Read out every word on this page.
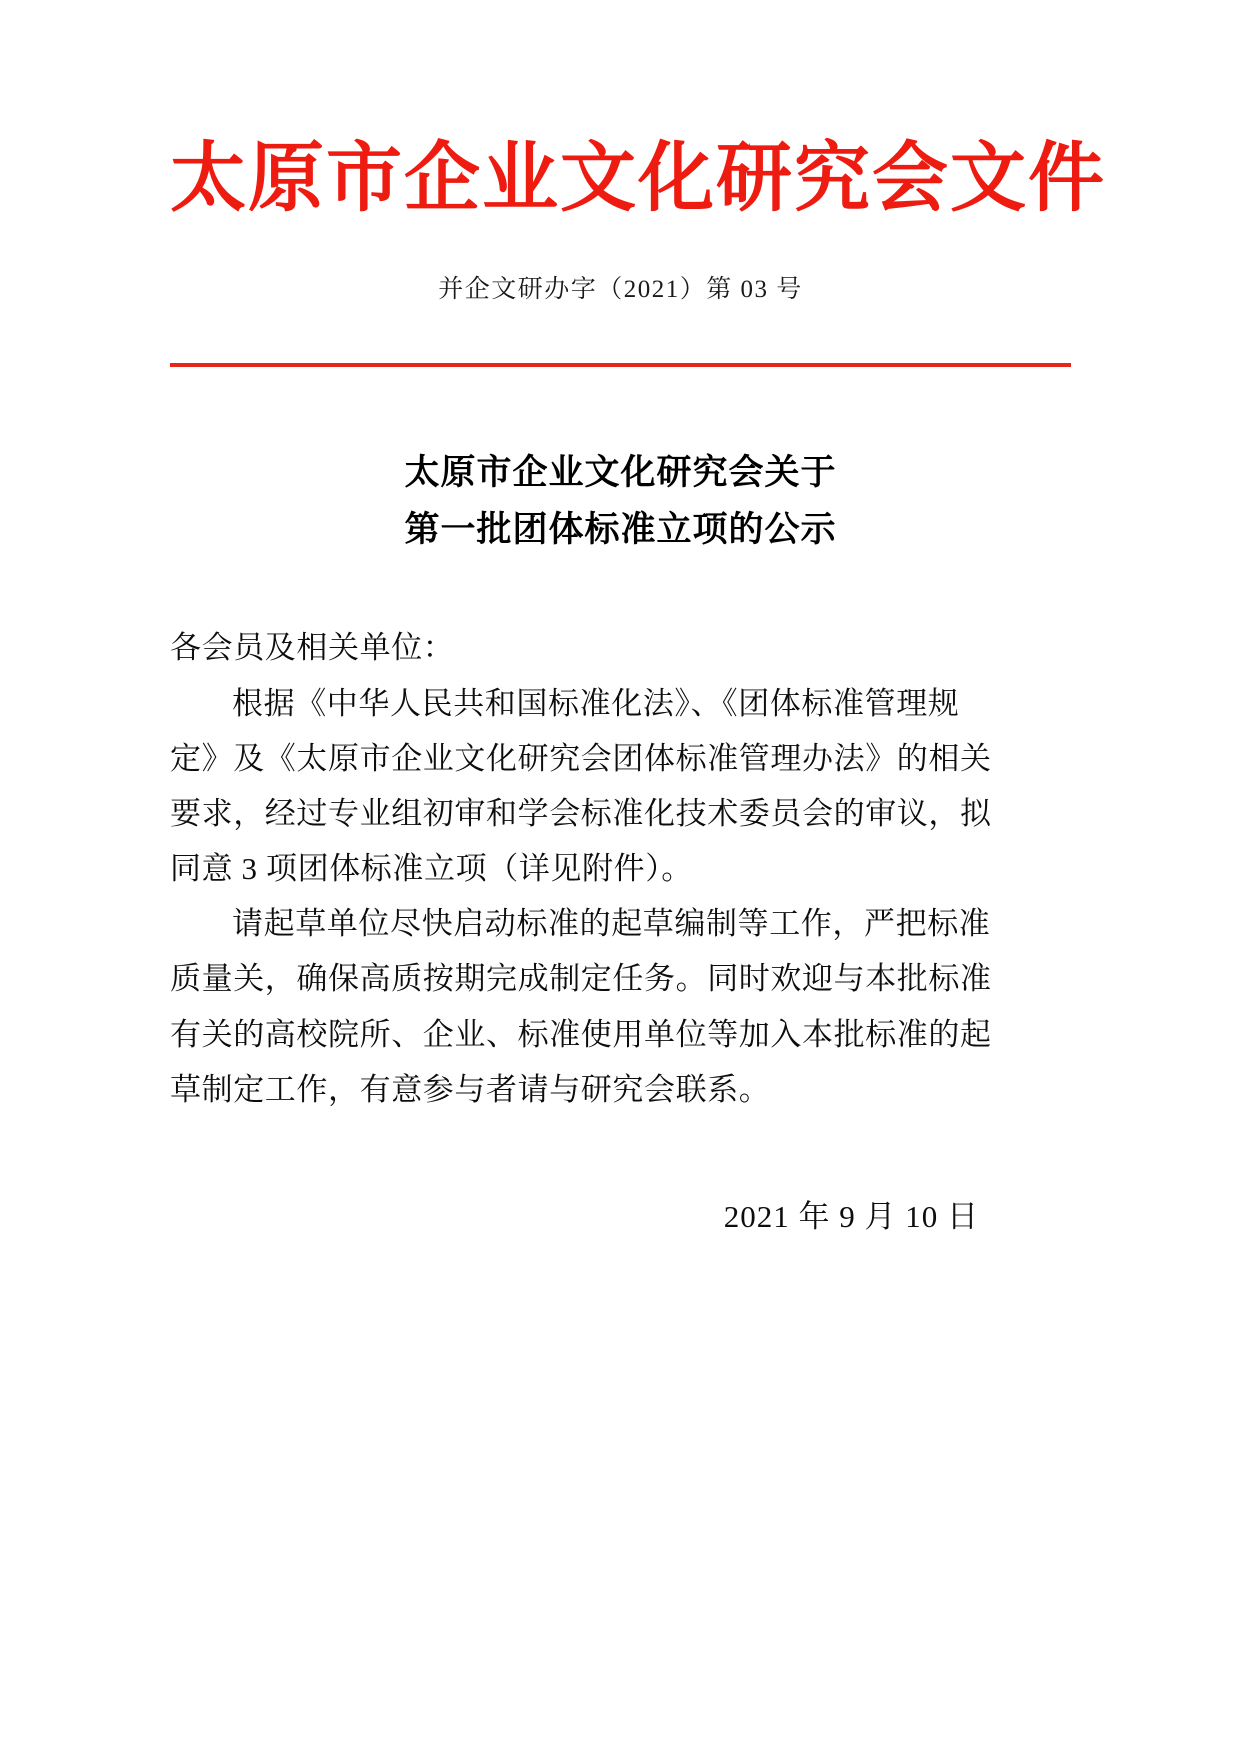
太原市企业文化研究会文件
并企文研办字（2021）第 03 号
太原市企业文化研究会关于
第一批团体标准立项的公示

各会员及相关单位：

根据《中华人民共和国标准化法》、《团体标准管理规
定》及《太原市企业文化研究会团体标准管理办法》的相关
要求，经过专业组初审和学会标准化技术委员会的审议，拟
同意 3 项团体标准立项（详见附件）。

请起草单位尽快启动标准的起草编制等工作，严把标准
质量关，确保高质按期完成制定任务。同时欢迎与本批标准
有关的高校院所、企业、标准使用单位等加入本批标准的起
草制定工作，有意参与者请与研究会联系。

2021 年 9 月 10 日
